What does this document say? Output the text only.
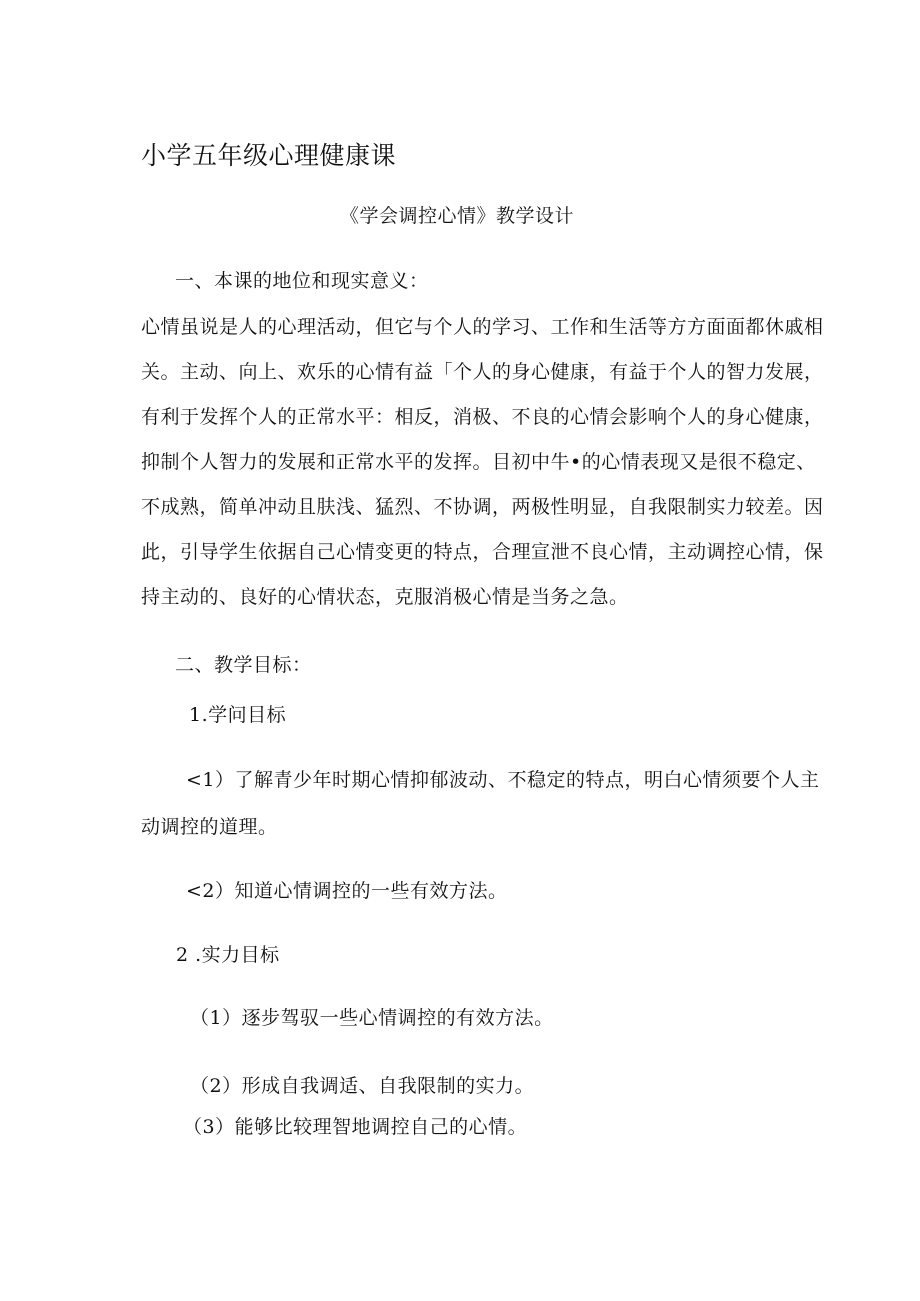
小学五年级心理健康课
《学会调控心情》教学设计
一、本课的地位和现实意义：
心情虽说是人的心理活动，但它与个人的学习、工作和生活等方方面面都休戚相
关。主动、向上、欢乐的心情有益「个人的身心健康，有益于个人的智力发展，
有利于发挥个人的正常水平：相反，消极、不良的心情会影响个人的身心健康，
抑制个人智力的发展和正常水平的发挥。目初中牛•的心情表现又是很不稳定、
不成熟，简单冲动且肤浅、猛烈、不协调，两极性明显，自我限制实力较差。因
此，引导学生依据自己心情变更的特点，合理宣泄不良心情，主动调控心情，保
持主动的、良好的心情状态，克服消极心情是当务之急。
二、教学目标：
1.学问目标
<1）了解青少年时期心情抑郁波动、不稳定的特点，明白心情须要个人主
动调控的道理。
<2）知道心情调控的一些有效方法。
2 .实力目标
（1）逐步驾驭一些心情调控的有效方法。
（2）形成自我调适、自我限制的实力。
（3）能够比较理智地调控自己的心情。
